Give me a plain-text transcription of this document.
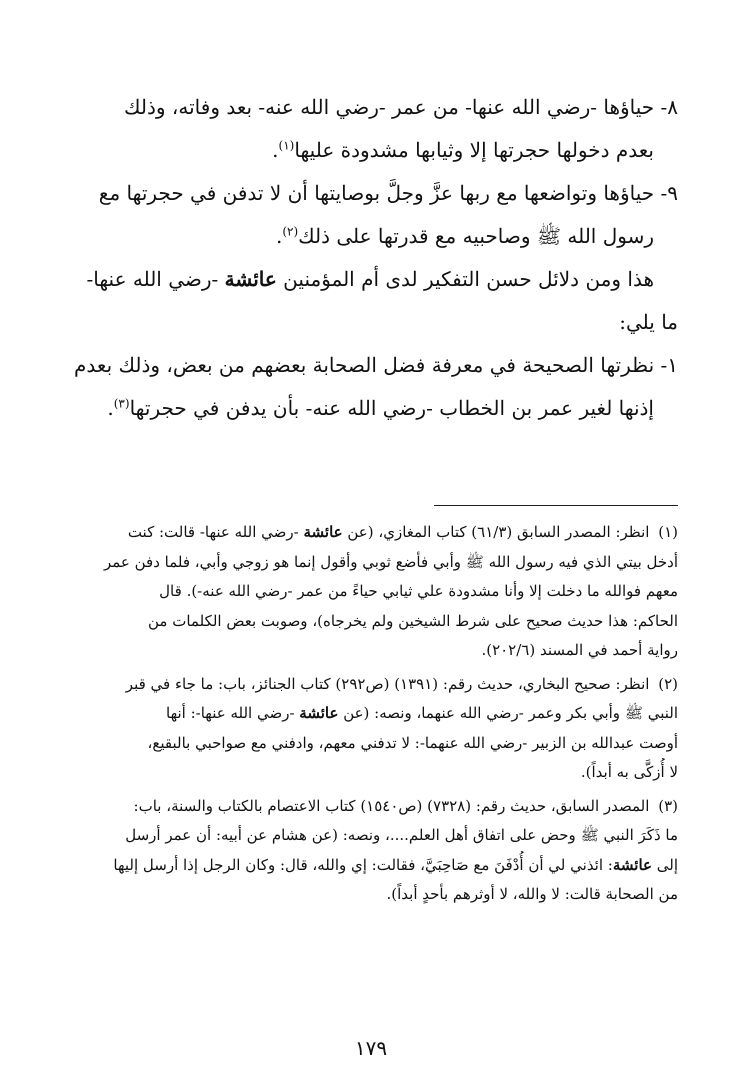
٨- حياؤها -رضي الله عنها- من عمر -رضي الله عنه- بعد وفاته، وذلك

بعدم دخولها حجرتها إلا وثيابها مشدودة عليها$^{(١)}$.

٩- حياؤها وتواضعها مع ربها عزَّ وجلَّ بوصايتها أن لا تدفن في حجرتها مع

رسول الله ﷺ وصاحبيه مع قدرتها على ذلك$^{(٢)}$.

هذا ومن دلائل حسن التفكير لدى أم المؤمنين عائشة -رضي الله عنها-

ما يلي:

١- نظرتها الصحيحة في معرفة فضل الصحابة بعضهم من بعض، وذلك بعدم

إذنها لغير عمر بن الخطاب -رضي الله عنه- بأن يدفن في حجرتها$^{(٣)}$.

(١) انظر: المصدر السابق (٦١/٣) كتاب المغازي، (عن عائشة -رضي الله عنها- قالت: كنت

أدخل بيتي الذي فيه رسول الله ﷺ وأبي فأضع ثوبي وأقول إنما هو زوجي وأبي، فلما دفن عمر

معهم فوالله ما دخلت إلا وأنا مشدودة علي ثيابي حياءً من عمر -رضي الله عنه-). قال

الحاكم: هذا حديث صحيح على شرط الشيخين ولم يخرجاه)، وصوبت بعض الكلمات من

رواية أحمد في المسند (٢٠٢/٦).

(٢) انظر: صحيح البخاري، حديث رقم: (١٣٩١) (ص٢٩٢) كتاب الجنائز، باب: ما جاء في قبر

النبي ﷺ وأبي بكر وعمر -رضي الله عنهما، ونصه: (عن عائشة -رضي الله عنها-: أنها

أوصت عبدالله بن الزبير -رضي الله عنهما-: لا تدفني معهم، وادفني مع صواحبي بالبقيع،

لا أُزكَّى به أبداً).

(٣) المصدر السابق، حديث رقم: (٧٣٢٨) (ص١٥٤٠) كتاب الاعتصام بالكتاب والسنة، باب:

ما ذَكَرَ النبي ﷺ وحض على اتفاق أهل العلم....، ونصه: (عن هشام عن أبيه: أن عمر أرسل

إلى عائشة: ائذني لي أن أُدْفَنَ مع صَاحِبَيَّ، فقالت: إي والله، قال: وكان الرجل إذا أرسل إليها

من الصحابة قالت: لا والله، لا أوثرهم بأحدٍ أبداً).

١٧٩
